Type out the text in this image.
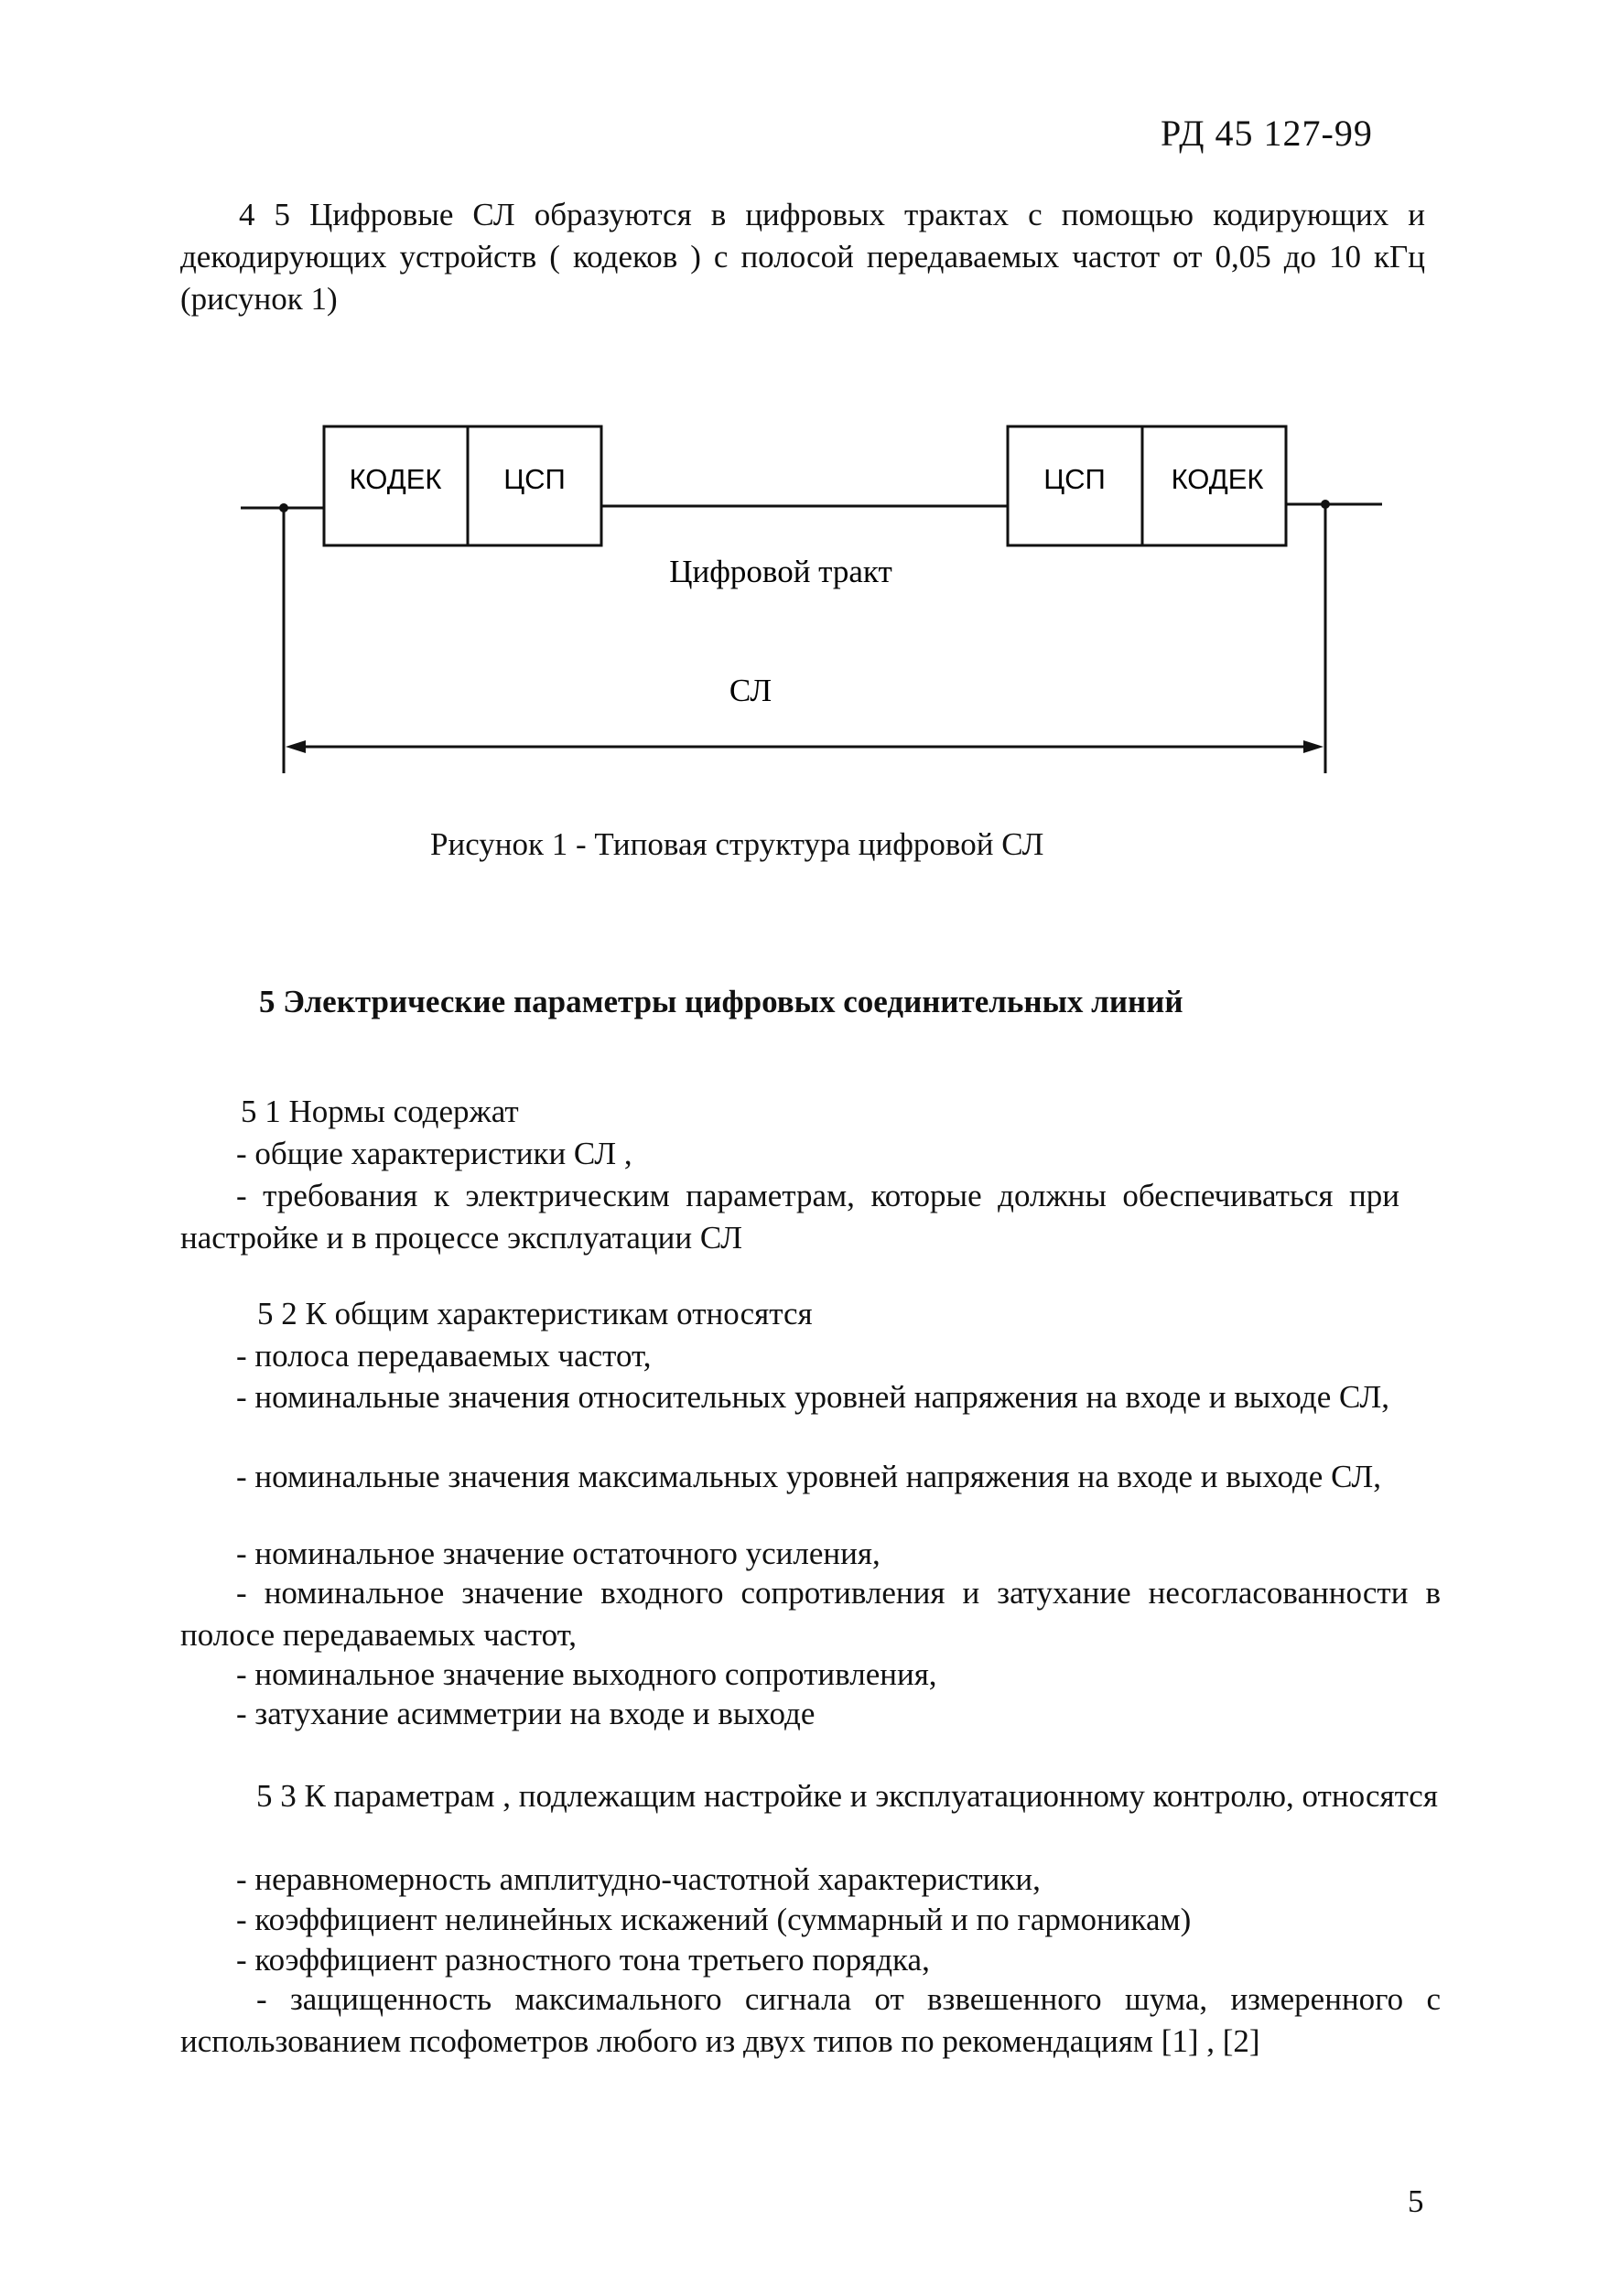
РД 45 127-99

4 5 Цифровые СЛ образуются в цифровых трактах с помощью кодирующих и декодирующих устройств ( кодеков ) с полосой передаваемых частот от 0,05 до 10 кГц (рисунок 1)

КОДЕК ЦСП	ЦСП КОДЕК
Цифровой тракт
СЛ
Рисунок 1 - Типовая структура цифровой СЛ
5 Электрические параметры цифровых соединительных линий
5 1 Нормы содержат
- общие характеристики СЛ ,

- требования к электрическим параметрам, которые должны обеспечиваться при настройке и в процессе эксплуатации СЛ

5 2 К общим характеристикам относятся
- полоса передаваемых частот,

- номинальные значения относительных уровней напряжения на входе и выходе СЛ,

- номинальные значения максимальных уровней напряжения на входе и выходе СЛ,

- номинальное значение остаточного усиления,

- номинальное значение входного сопротивления и затухание несогласованности в полосе передаваемых частот,

- номинальное значение выходного сопротивления,
- затухание асимметрии на входе и выходе

5 3 К параметрам , подлежащим настройке и эксплуатационному контролю, относятся

- неравномерность амплитудно-частотной характеристики,
- коэффициент нелинейных искажений (суммарный и по гармоникам)
- коэффициент разностного тона третьего порядка,

- защищенность максимального сигнала от взвешенного шума, измеренного с использованием псофометров любого из двух типов по рекомендациям [1] , [2]

5
